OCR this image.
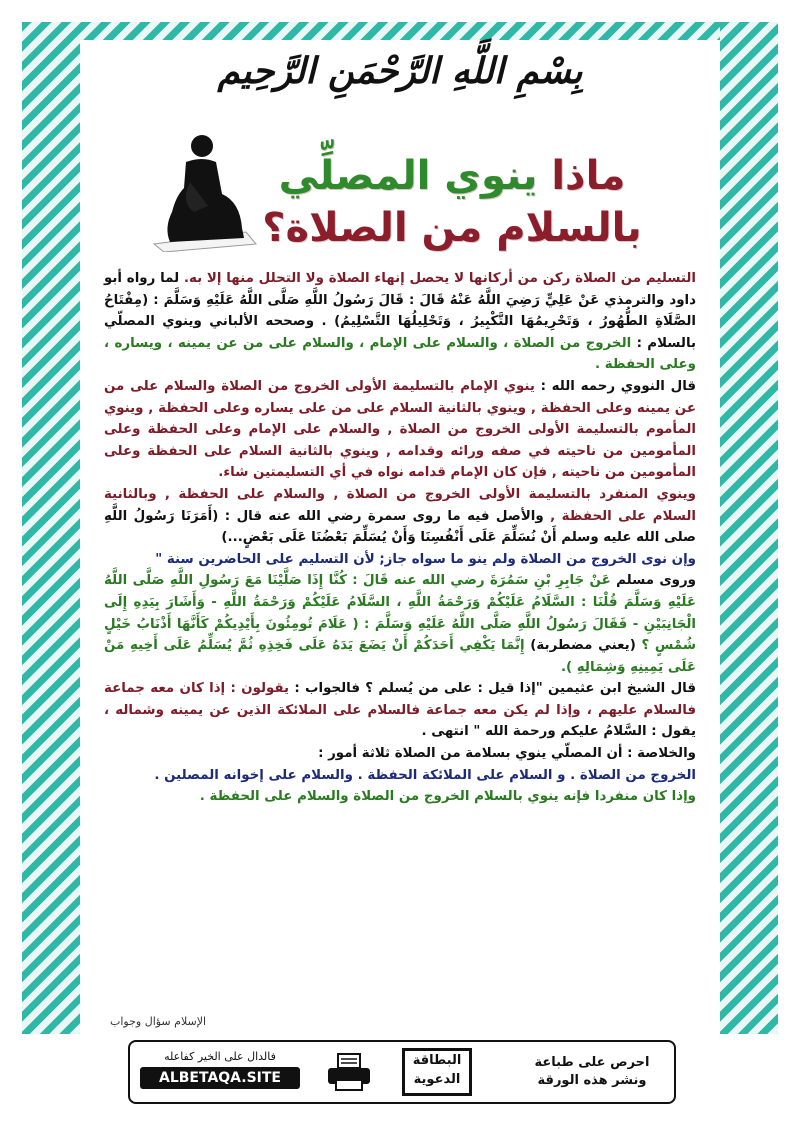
بِسْمِ اللَّهِ الرَّحْمَنِ الرَّحِيم
ماذا ينوي المصلِّي
بالسلام من الصلاة؟

التسليم من الصلاة ركن من أركانها لا يحصل إنهاء الصلاة ولا التحلل منها إلا به. لما رواه أبو داود والترمذي عَنْ عَلِيٍّ رَضِيَ اللَّهُ عَنْهُ قَالَ : قَالَ رَسُولُ اللَّهِ صَلَّى اللَّهُ عَلَيْهِ وَسَلَّمَ : (مِفْتَاحُ الصَّلَاةِ الطُّهُورُ ، وَتَحْرِيمُهَا التَّكْبِيرُ ، وَتَحْلِيلُهَا التَّسْلِيمُ) . وصححه الألباني وينوي المصلّي بالسلام : الخروج من الصلاة ، والسلام على الإمام ، والسلام على من عن يمينه ، ويساره ، وعلى الحفظة .

قال النووي رحمه الله : ينوي الإمام بالتسليمة الأولى الخروج من الصلاة والسلام على من عن يمينه وعلى الحفظة , وينوي بالثانية السلام على من على يساره وعلى الحفظة , وينوي المأموم بالتسليمة الأولى الخروج من الصلاة , والسلام على الإمام وعلى الحفظة وعلى المأمومين من ناحيته في صفه ورائه وقدامه , وينوي بالثانية السلام على الحفظة وعلى المأمومين من ناحيته , فإن كان الإمام قدامه نواه في أي التسليمتين شاء.

وينوي المنفرد بالتسليمة الأولى الخروج من الصلاة , والسلام على الحفظة , وبالثانية السلام على الحفظة , والأصل فيه ما روى سمرة رضي الله عنه قال : (أَمَرَنَا رَسُولُ اللَّهِ صلى الله عليه وسلم أَنْ نُسَلِّمَ عَلَى أَنْفُسِنَا وَأَنْ يُسَلِّمَ بَعْضُنَا عَلَى بَعْضٍ...)

وإن نوى الخروج من الصلاة ولم ينو ما سواه جاز; لأن التسليم على الحاضرين سنة "

وروى مسلم عَنْ جَابِرِ بْنِ سَمُرَةَ رضي الله عنه قَالَ : كُنَّا إِذَا صَلَّيْنَا مَعَ رَسُولِ اللَّهِ صَلَّى اللَّهُ عَلَيْهِ وَسَلَّمَ قُلْنَا : السَّلَامُ عَلَيْكُمْ وَرَحْمَةُ اللَّهِ ، السَّلَامُ عَلَيْكُمْ وَرَحْمَةُ اللَّهِ - وَأَشَارَ بِيَدِهِ إِلَى الْجَانِبَيْنِ - فَقَالَ رَسُولُ اللَّهِ صَلَّى اللَّهُ عَلَيْهِ وَسَلَّمَ : ( عَلَامَ تُومِئُونَ بِأَيْدِيكُمْ كَأَنَّهَا أَذْنَابُ خَيْلٍ شُمْسٍ ؟ (يعني مضطربة) إِنَّمَا يَكْفِي أَحَدَكُمْ أَنْ يَضَعَ يَدَهُ عَلَى فَخِذِهِ ثُمَّ يُسَلِّمُ عَلَى أَخِيهِ مَنْ عَلَى يَمِينِهِ وَشِمَالِهِ ).

قال الشيخ ابن عثيمين "إذا قيل : على من يُسلم ؟ فالجواب : يقولون : إذا كان معه جماعة فالسلام عليهم ، وإذا لم يكن معه جماعة فالسلام على الملائكة الذين عن يمينه وشماله ، يقول : السَّلامُ عليكم ورحمة الله " انتهى .

والخلاصة : أن المصلّي ينوي بسلامة من الصلاة ثلاثة أمور :

الخروج من الصلاة . و السلام على الملائكة الحفظة . والسلام على إخوانه المصلين .

وإذا كان منفردا فإنه ينوي بالسلام الخروج من الصلاة والسلام على الحفظة .

الإسلام سؤال وجواب
فالدال على الخير كفاعله
ALBETAQA.SITE
البطاقة
الدعوية
احرص على طباعة
ونشر هذه الورقة
